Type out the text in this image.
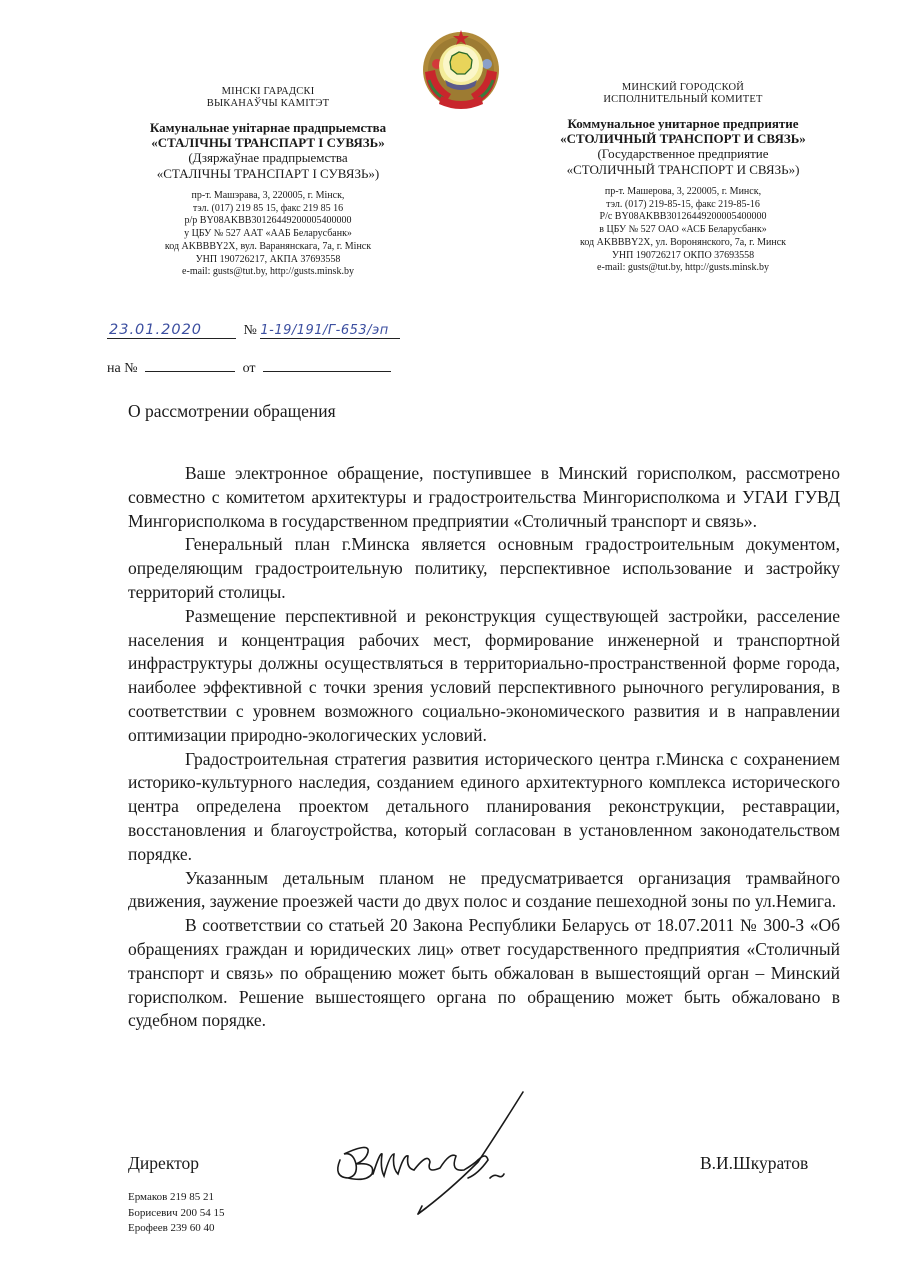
МІНСКІ ГАРАДСКІ
ВЫКАНАЎЧЫ КАМІТЭТ
Камунальнае унітарнае прадпрыемства
«СТАЛІЧНЫ ТРАНСПАРТ І СУВЯЗЬ»
(Дзяржаўнае прадпрыемства
«СТАЛІЧНЫ ТРАНСПАРТ І СУВЯЗЬ»)
пр-т. Машэрава, 3, 220005, г. Мінск,
тэл. (017) 219 85 15, факс 219 85 16
р/р BY08AKBB30126449200005400000
у ЦБУ № 527 ААТ «ААБ Беларусбанк»
код AKBBBY2X, вул. Варанянскага, 7а, г. Мінск
УНП 190726217, АКПА 37693558
e-mail: gusts@tut.by, http://gusts.minsk.by
МИНСКИЙ ГОРОДСКОЙ
ИСПОЛНИТЕЛЬНЫЙ КОМИТЕТ
Коммунальное унитарное предприятие
«СТОЛИЧНЫЙ ТРАНСПОРТ И СВЯЗЬ»
(Государственное предприятие
«СТОЛИЧНЫЙ ТРАНСПОРТ И СВЯЗЬ»)
пр-т. Машерова, 3, 220005, г. Минск,
тэл. (017) 219-85-15, факс 219-85-16
Р/с BY08AKBB30126449200005400000
в ЦБУ № 527 ОАО «АСБ Беларусбанк»
код AKBBBY2X, ул. Воронянского, 7а, г. Минск
УНП 190726217 ОКПО 37693558
e-mail: gusts@tut.by, http://gusts.minsk.by
23.01.2020	№ 1-19/191/Г-653/эп
на №	от
О рассмотрении обращения

Ваше электронное обращение, поступившее в Минский горисполком, рассмотрено совместно с комитетом архитектуры и градостроительства Мингорисполкома и УГАИ ГУВД Мингорисполкома в государственном предприятии «Столичный транспорт и связь».

Генеральный план г.Минска является основным градостроительным документом, определяющим градостроительную политику, перспективное использование и застройку территорий столицы.

Размещение перспективной и реконструкция существующей застройки, расселение населения и концентрация рабочих мест, формирование инженерной и транспортной инфраструктуры должны осуществляться в территориально-пространственной форме города, наиболее эффективной с точки зрения условий перспективного рыночного регулирования, в соответствии с уровнем возможного социально-экономического развития и в направлении оптимизации природно-экологических условий.

Градостроительная стратегия развития исторического центра г.Минска с сохранением историко-культурного наследия, созданием единого архитектурного комплекса исторического центра определена проектом детального планирования реконструкции, реставрации, восстановления и благоустройства, который согласован в установленном законодательством порядке.

Указанным детальным планом не предусматривается организация трамвайного движения, заужение проезжей части до двух полос и создание пешеходной зоны по ул.Немига.

В соответствии со статьей 20 Закона Республики Беларусь от 18.07.2011 № 300-З «Об обращениях граждан и юридических лиц» ответ государственного предприятия «Столичный транспорт и связь» по обращению может быть обжалован в вышестоящий орган – Минский горисполком. Решение вышестоящего органа по обращению может быть обжаловано в судебном порядке.

Директор	В.И.Шкуратов
Ермаков 219 85 21
Борисевич 200 54 15
Ерофеев 239 60 40
